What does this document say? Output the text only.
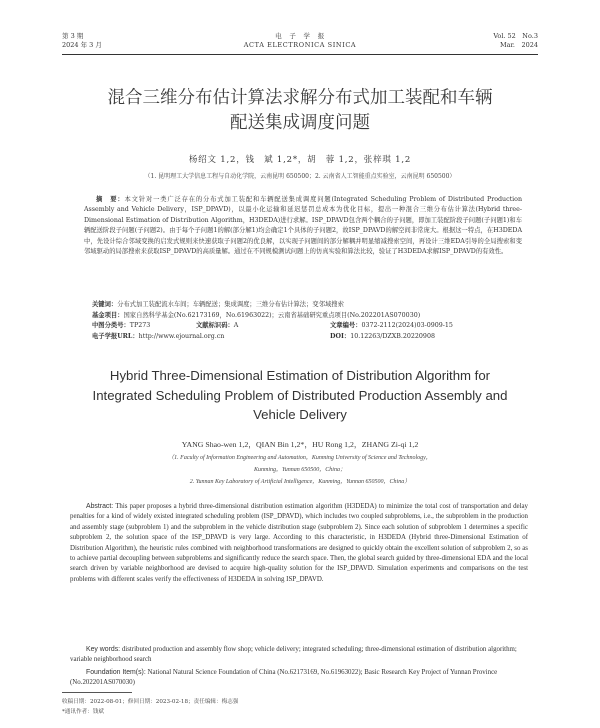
第 3 期
2024 年 3 月
电　子　学　报
ACTA ELECTRONICA SINICA
Vol. 52　No.3
Mar.　2024
混合三维分布估计算法求解分布式加工装配和车辆
配送集成调度问题
杨绍文 1,2，钱　斌 1,2*，胡　蓉 1,2，张梓琪 1,2
（1. 昆明理工大学信息工程与自动化学院，云南昆明 650500；2. 云南省人工智能重点实验室，云南昆明 650500）
摘　要：本文针对一类广泛存在的分布式加工装配和车辆配送集成调度问题(Integrated Scheduling Problem of Distributed Production Assembly and Vehicle Delivery，ISP_DPAVD)，以最小化运输和延迟惩罚总成本为优化目标，提出一种混合三维分布估计算法(Hybrid three-Dimensional Estimation of Distribution Algorithm，H3DEDA)进行求解。ISP_DPAVD包含两个耦合的子问题，即加工装配阶段子问题(子问题1)和车辆配送阶段子问题(子问题2)。由于每个子问题1的解(部分解1)均会确定1个具体的子问题2，故ISP_DPAVD的解空间非常庞大。根据这一特点，在H3DEDA中，先设计综合邻域变换的启发式规则来快速获取子问题2的优良解，以实现子问题间的部分解耦并明显缩减搜索空间，再设计三维EDA引导的全局搜索和变邻域驱动的局部搜索来获取ISP_DPAVD的高质量解。通过在不同规模测试问题上的仿真实验和算法比较，验证了H3DEDA求解ISP_DPAVD的有效性。
关键词：分布式加工装配流水车间；车辆配送；集成调度；三维分布估计算法；变邻域搜索
基金项目：国家自然科学基金(No.62173169，No.61963022)；云南省基础研究重点项目(No.202201AS070030)
中图分类号：TP273	文献标识码：A	文章编号：0372-2112(2024)03-0909-15
电子学报URL：http://www.ejournal.org.cn	DOI：10.12263/DZXB.20220908
Hybrid Three-Dimensional Estimation of Distribution Algorithm for
Integrated Scheduling Problem of Distributed Production Assembly and
Vehicle Delivery
YANG Shao-wen 1,2，QIAN Bin 1,2*，HU Rong 1,2，ZHANG Zi-qi 1,2
（1. Faculty of Information Engineering and Automation，Kunming University of Science and Technology，
Kunming，Yunnan 650500，China；
2. Yunnan Key Laboratory of Artificial Intelligence，Kunming，Yunnan 650500，China）
Abstract: This paper proposes a hybrid three-dimensional distribution estimation algorithm (H3DEDA) to minimize the total cost of transportation and delay penalties for a kind of widely existed integrated scheduling problem (ISP_DPAVD), which includes two coupled subproblems, i.e., the subproblem in the production and assembly stage (subproblem 1) and the subproblem in the vehicle distribution stage (subproblem 2). Since each solution of subproblem 1 determines a specific subproblem 2, the solution space of the ISP_DPAVD is very large. According to this characteristic, in H3DEDA (Hybrid three-Dimensional Estimation of Distribution Algorithm), the heuristic rules combined with neighborhood transformations are designed to quickly obtain the excellent solution of subproblem 2, so as to achieve partial decoupling between subproblems and significantly reduce the search space. Then, the global search guided by three-dimensional EDA and the local search driven by variable neighborhood are devised to acquire high-quality solution for the ISP_DPAVD. Simulation experiments and comparisons on the test problems with different scales verify the effectiveness of H3DEDA in solving ISP_DPAVD.
Key words: distributed production and assembly flow shop; vehicle delivery; integrated scheduling; three-dimensional estimation of distribution algorithm; variable neighborhood search
Foundation Item(s): National Natural Science Foundation of China (No.62173169, No.61963022); Basic Research Key Project of Yunnan Province (No.202201AS070030)
收稿日期：2022-08-01；修回日期：2023-02-18；责任编辑：梅志强
*通讯作者：钱斌
